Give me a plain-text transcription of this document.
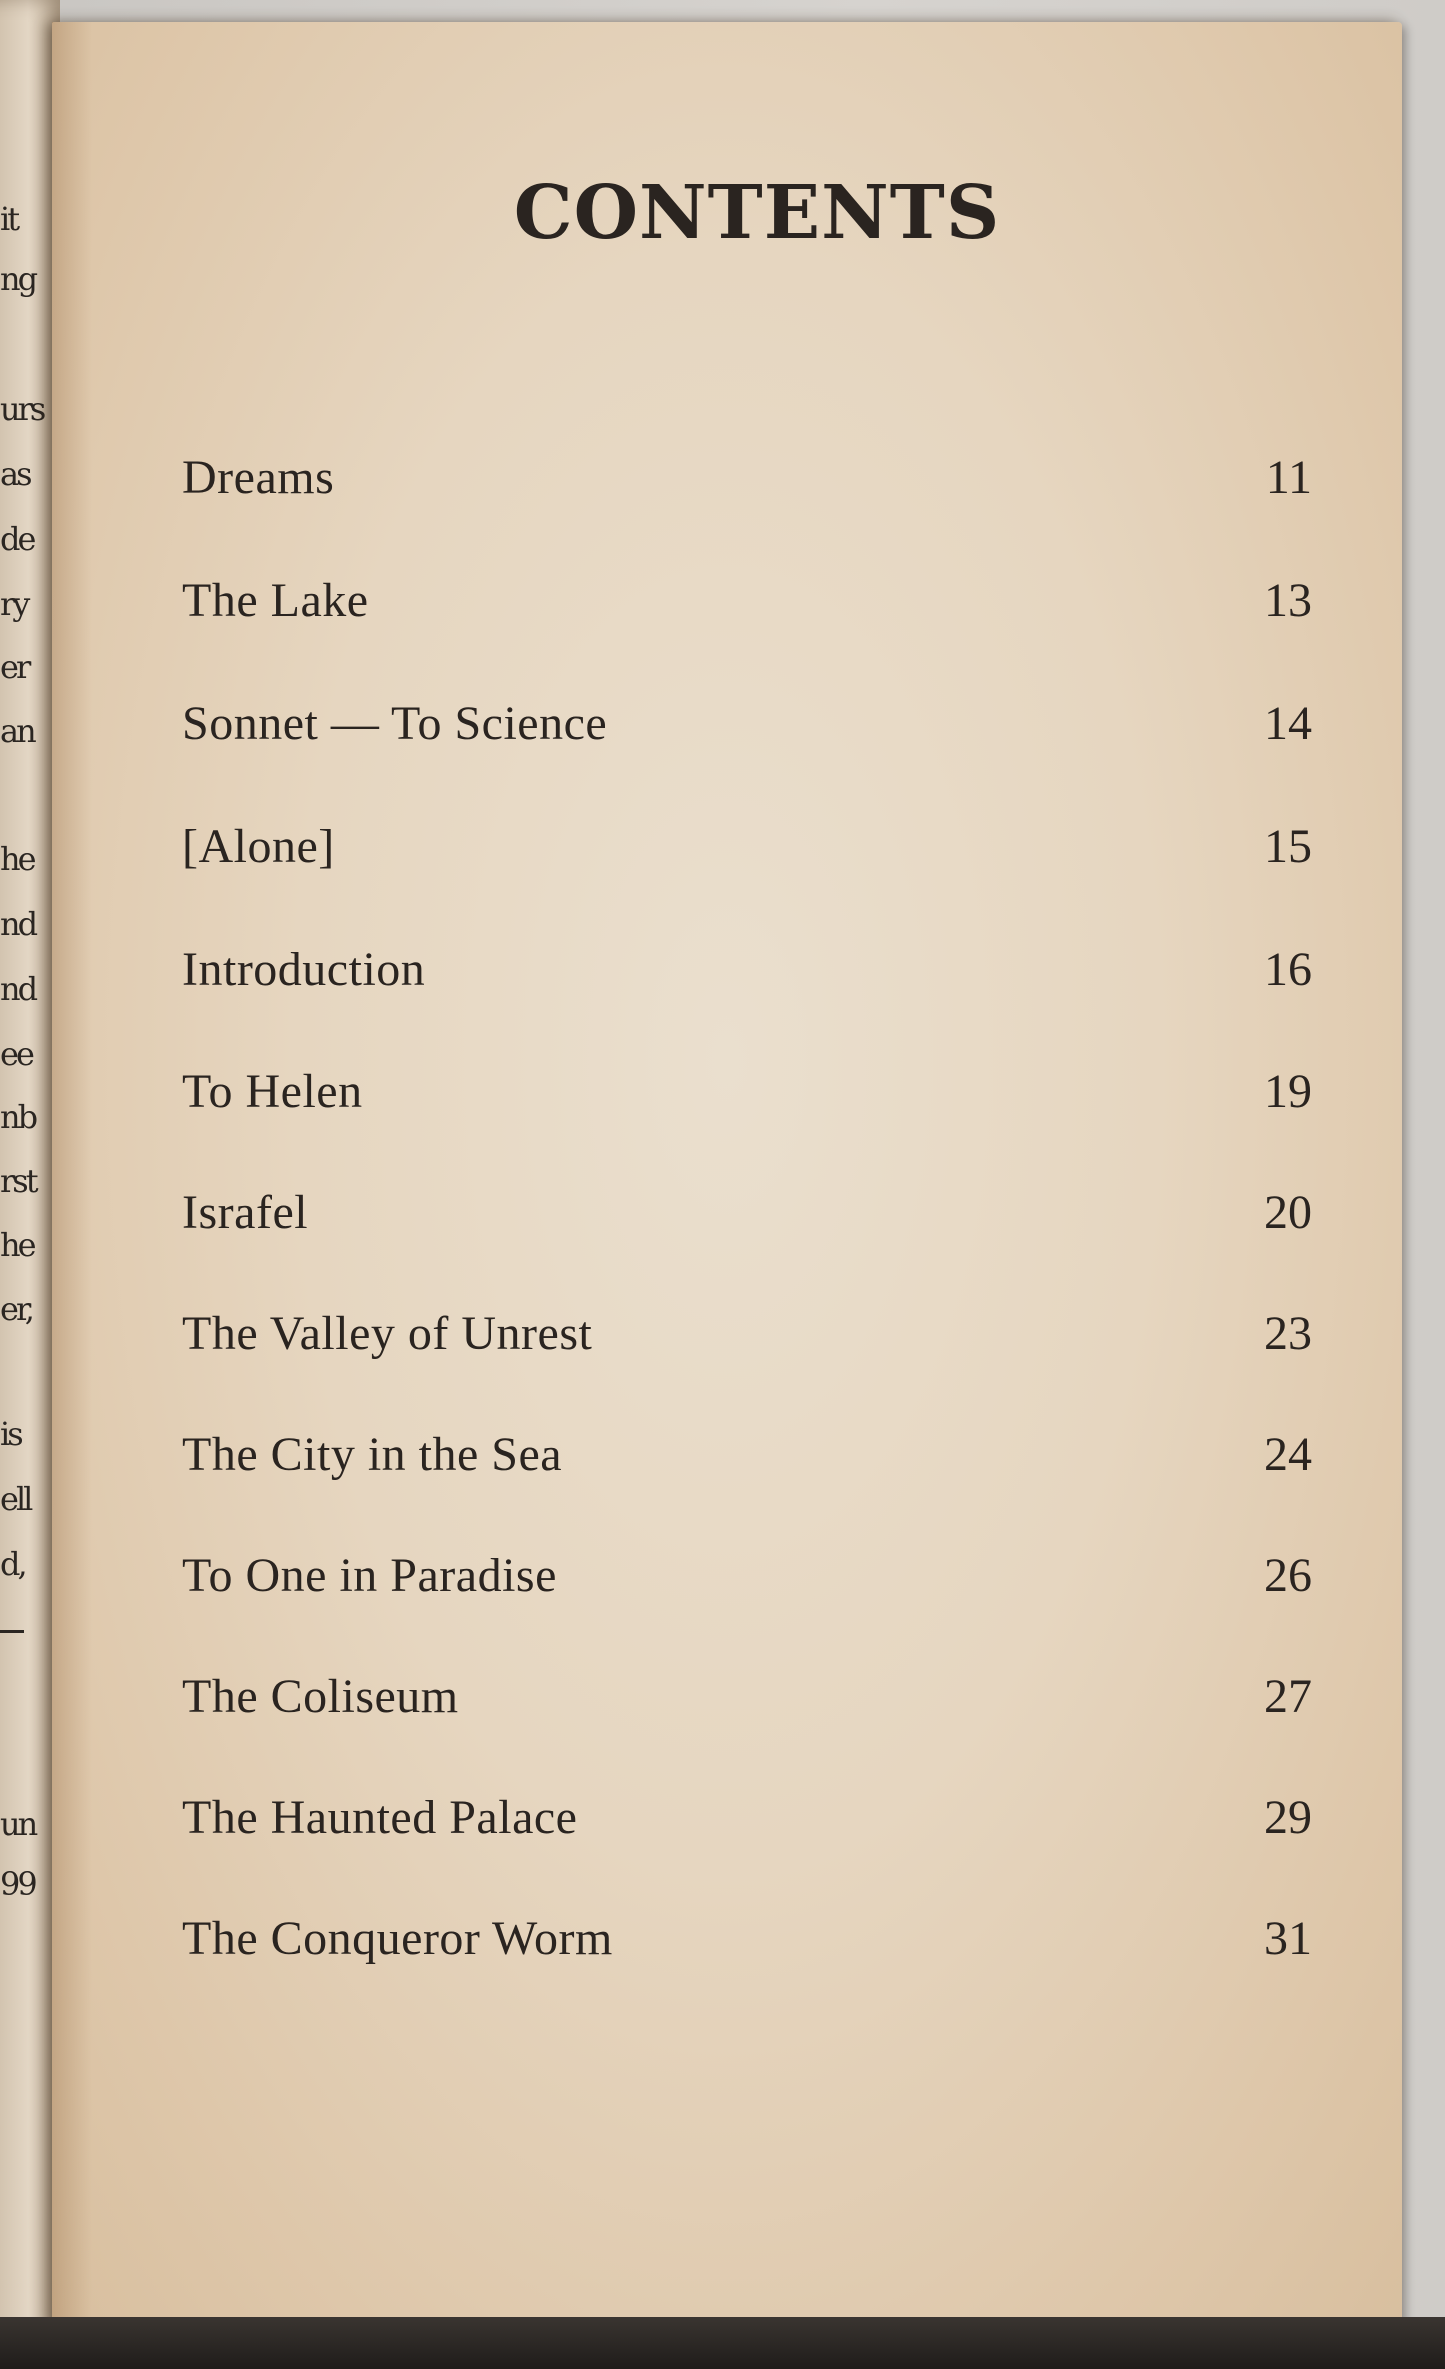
it
ng
urs
as
de
ry
er
an
he
nd
nd
ee
nb
rst
he
er,
is
ell
d,
un
99
CONTENTS
Dreams	11
The Lake	13
Sonnet — To Science	14
[Alone]	15
Introduction	16
To Helen	19
Israfel	20
The Valley of Unrest	23
The City in the Sea	24
To One in Paradise	26
The Coliseum	27
The Haunted Palace	29
The Conqueror Worm	31
